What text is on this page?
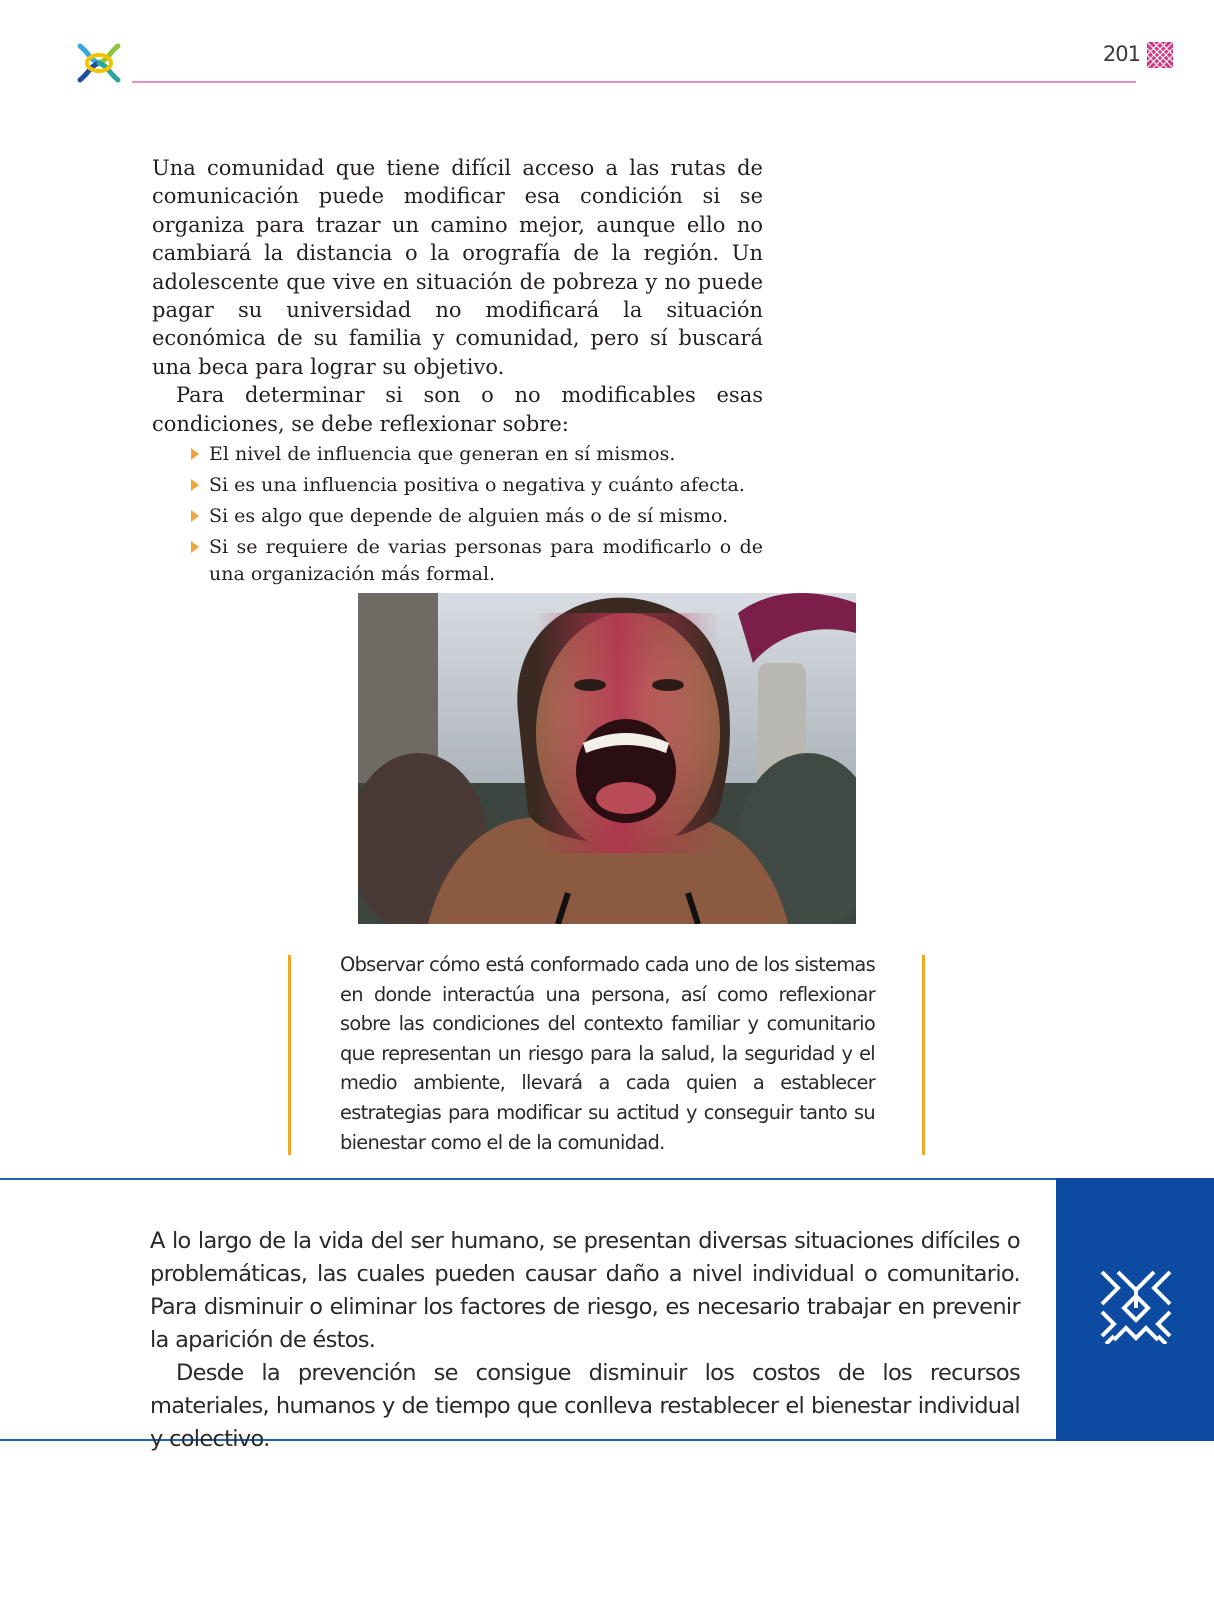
201

Una comunidad que tiene difícil acceso a las rutas de comunicación puede modificar esa condición si se organiza para trazar un camino mejor, aunque ello no cambiará la distancia o la orografía de la región. Un adolescente que vive en situación de pobreza y no puede pagar su universidad no modificará la situación económica de su familia y comunidad, pero sí buscará una beca para lograr su objetivo.

Para determinar si son o no modificables esas condiciones, se debe reflexionar sobre:

El nivel de influencia que generan en sí mismos.
Si es una influencia positiva o negativa y cuánto afecta.
Si es algo que depende de alguien más o de sí mismo.
Si se requiere de varias personas para modificarlo o de una organización más formal.

Observar cómo está conformado cada uno de los sistemas en donde interactúa una persona, así como reflexionar sobre las condiciones del contexto familiar y comunitario que representan un riesgo para la salud, la seguridad y el medio ambiente, llevará a cada quien a establecer estrategias para modificar su actitud y conseguir tanto su bienestar como el de la comunidad.

A lo largo de la vida del ser humano, se presentan diversas situaciones difíciles o problemáticas, las cuales pueden causar daño a nivel individual o comunitario. Para disminuir o eliminar los factores de riesgo, es necesario trabajar en prevenir la aparición de éstos.

Desde la prevención se consigue disminuir los costos de los recursos materiales, humanos y de tiempo que conlleva restablecer el bienestar individual y colectivo.
